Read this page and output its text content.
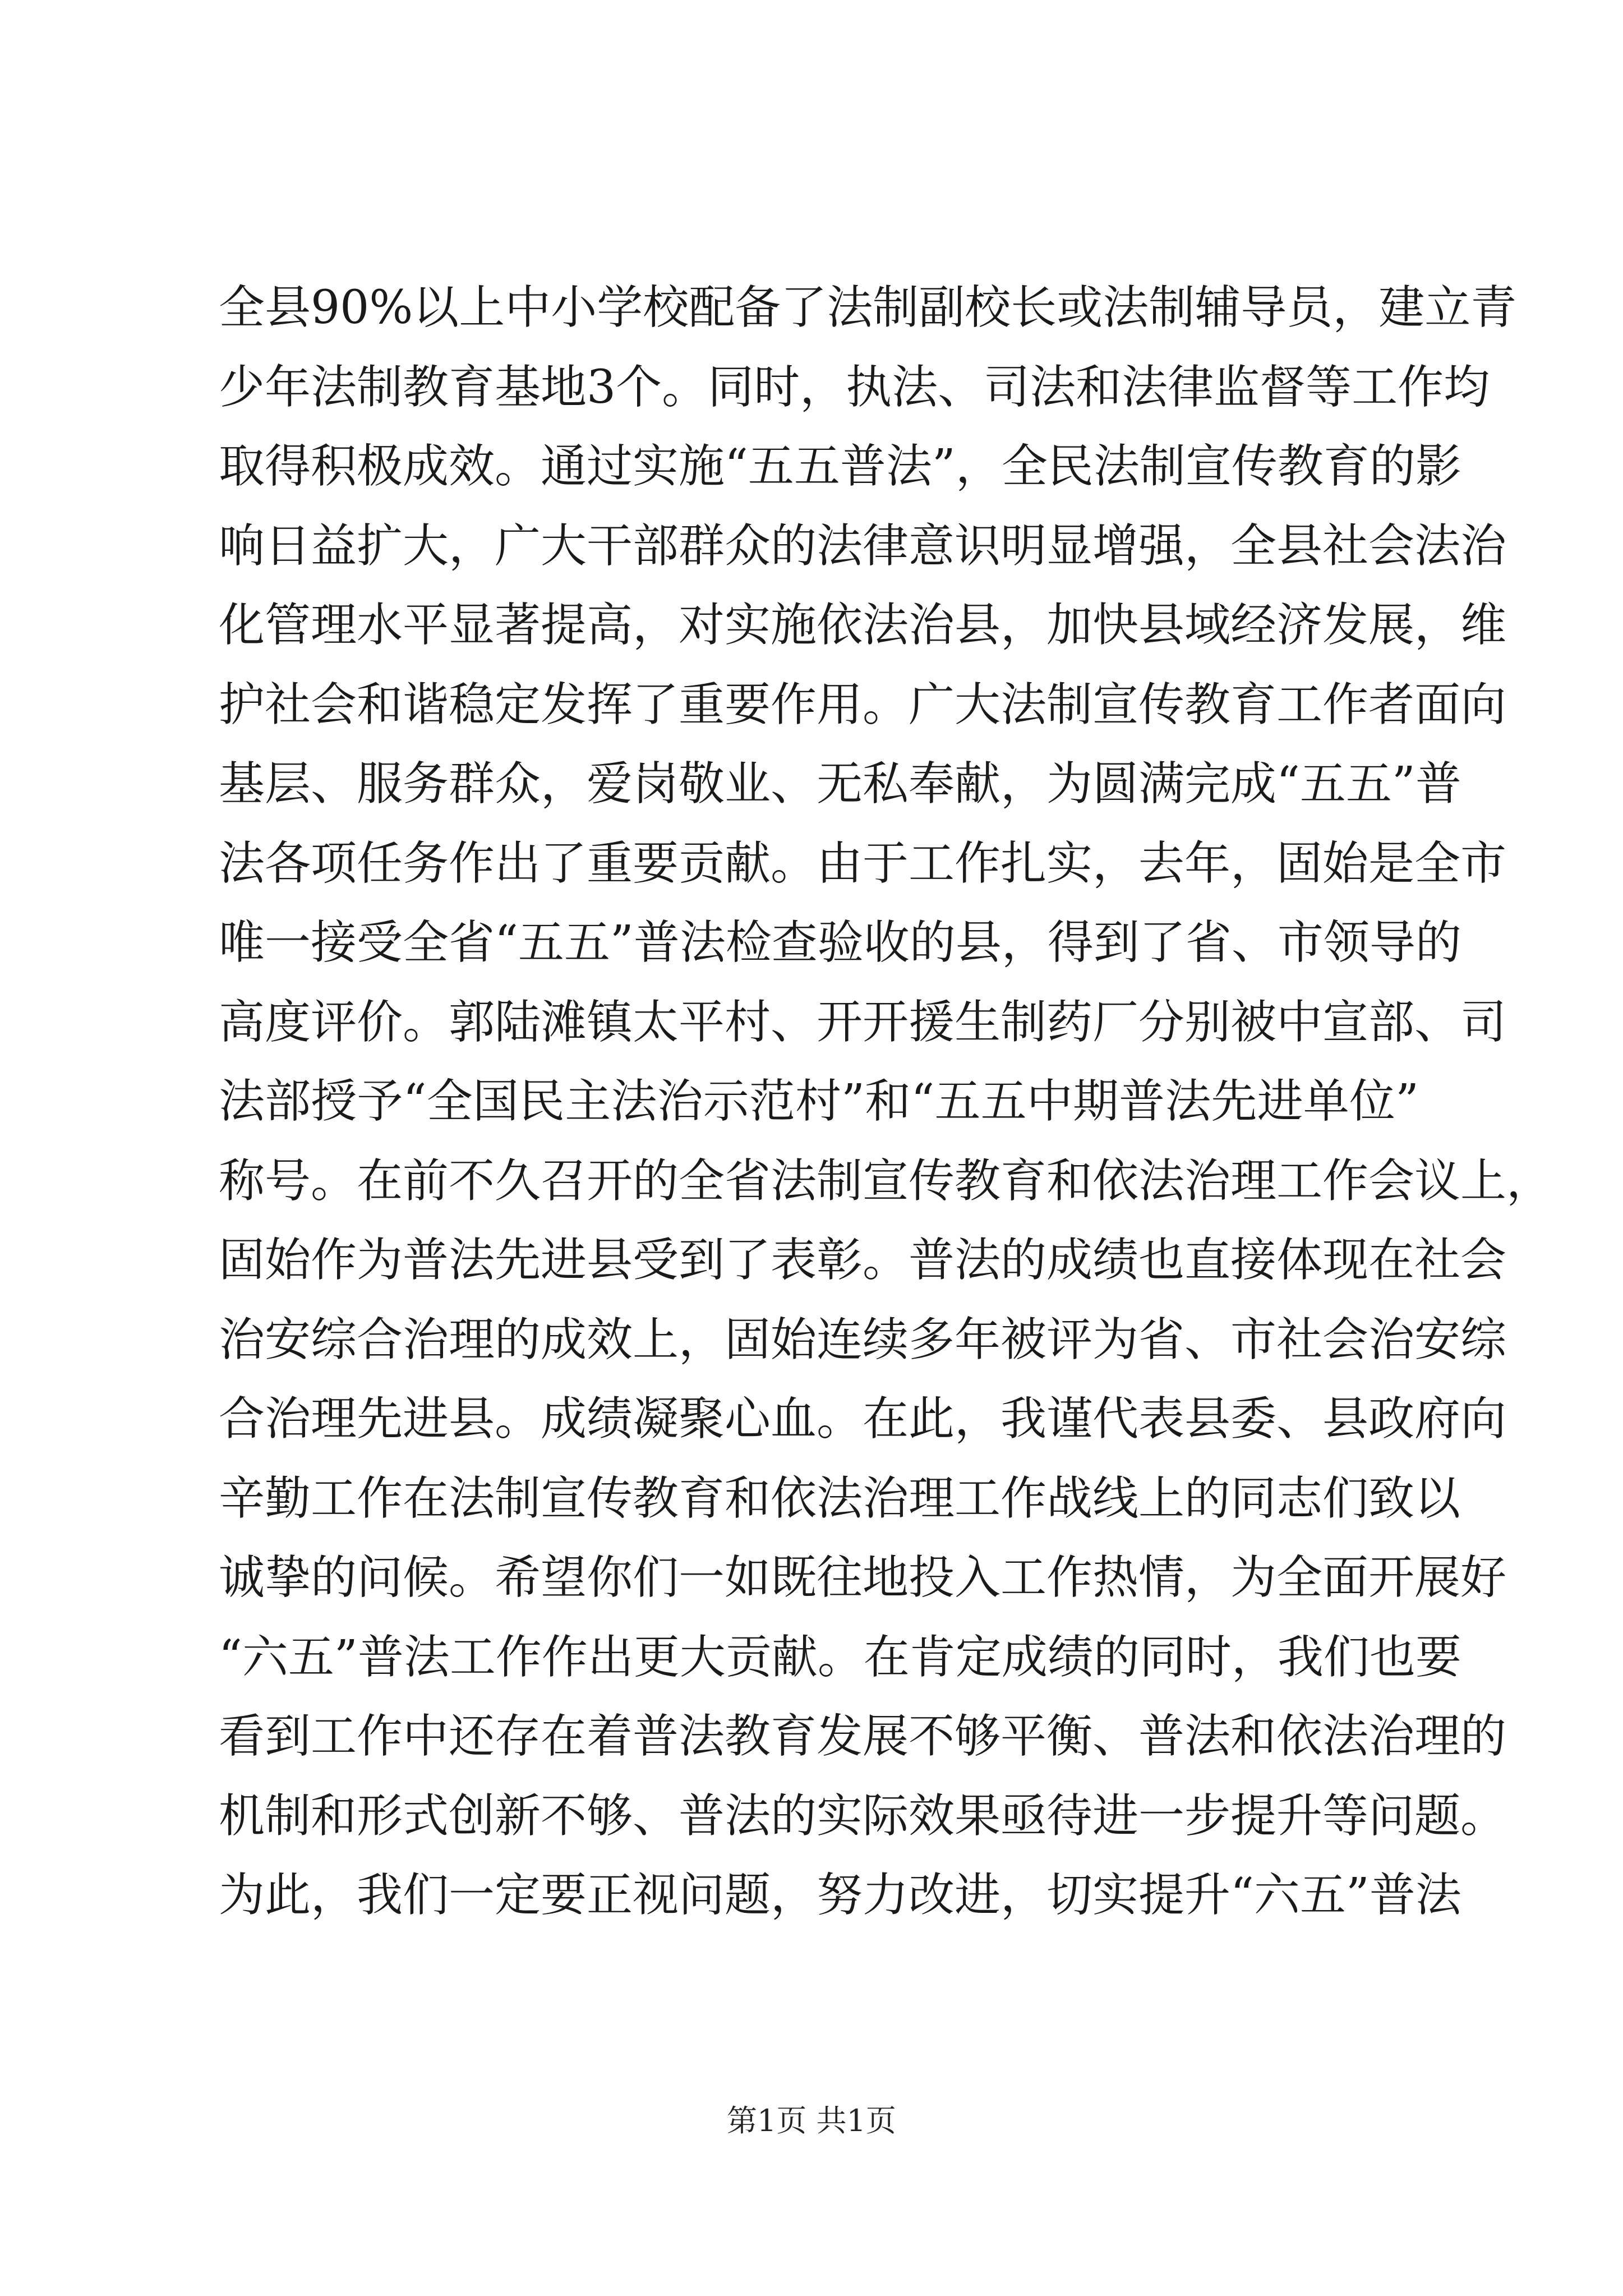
全县90%以上中小学校配备了法制副校长或法制辅导员，建立青
少年法制教育基地3个。同时，执法、司法和法律监督等工作均
取得积极成效。通过实施“五五普法”，全民法制宣传教育的影
响日益扩大，广大干部群众的法律意识明显增强，全县社会法治
化管理水平显著提高，对实施依法治县，加快县域经济发展，维
护社会和谐稳定发挥了重要作用。广大法制宣传教育工作者面向
基层、服务群众，爱岗敬业、无私奉献，为圆满完成“五五”普
法各项任务作出了重要贡献。由于工作扎实，去年，固始是全市
唯一接受全省“五五”普法检查验收的县，得到了省、市领导的
高度评价。郭陆滩镇太平村、开开援生制药厂分别被中宣部、司
法部授予“全国民主法治示范村”和“五五中期普法先进单位”
称号。在前不久召开的全省法制宣传教育和依法治理工作会议上，
固始作为普法先进县受到了表彰。普法的成绩也直接体现在社会
治安综合治理的成效上，固始连续多年被评为省、市社会治安综
合治理先进县。成绩凝聚心血。在此，我谨代表县委、县政府向
辛勤工作在法制宣传教育和依法治理工作战线上的同志们致以
诚挚的问候。希望你们一如既往地投入工作热情，为全面开展好
“六五”普法工作作出更大贡献。在肯定成绩的同时，我们也要
看到工作中还存在着普法教育发展不够平衡、普法和依法治理的
机制和形式创新不够、普法的实际效果亟待进一步提升等问题。
为此，我们一定要正视问题，努力改进，切实提升“六五”普法
第1页 共1页
